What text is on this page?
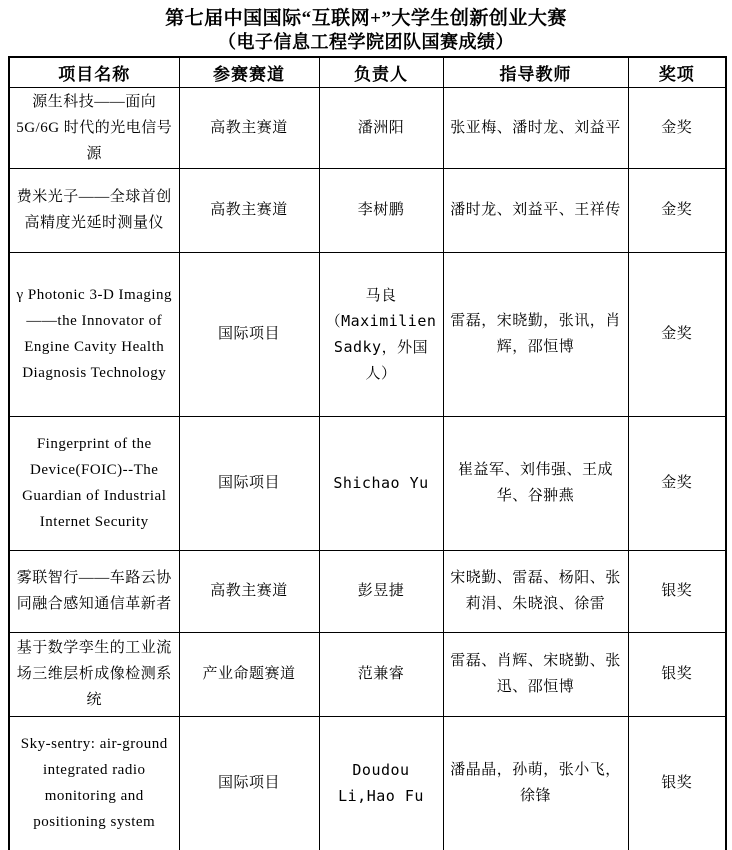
第七届中国国际“互联网+”大学生创新创业大赛
（电子信息工程学院团队国赛成绩）
项目名称	参赛赛道	负责人	指导教师	奖项
源生科技——面向 5G/6G 时代的光电信号源	高教主赛道	潘洲阳	张亚梅、潘时龙、刘益平	金奖
费米光子——全球首创高精度光延时测量仪	高教主赛道	李树鹏	潘时龙、刘益平、王祥传	金奖
γ Photonic 3-D Imaging——the Innovator of Engine Cavity Health Diagnosis Technology	国际项目	马良（Maximilien Sadky，外国人）	雷磊，宋晓勤，张讯，肖辉，邵恒博	金奖
Fingerprint of the Device(FOIC)--The Guardian of Industrial Internet Security	国际项目	Shichao Yu	崔益军、刘伟强、王成华、谷翀燕	金奖
雾联智行——车路云协同融合感知通信革新者	高教主赛道	彭昱捷	宋晓勤、雷磊、杨阳、张莉涓、朱晓浪、徐雷	银奖
基于数学孪生的工业流场三维层析成像检测系统	产业命题赛道	范兼睿	雷磊、肖辉、宋晓勤、张迅、邵恒博	银奖
Sky-sentry: air-ground integrated radio monitoring and positioning system	国际项目	Doudou Li,Hao Fu	潘晶晶，孙萌，张小飞，徐锋	银奖
